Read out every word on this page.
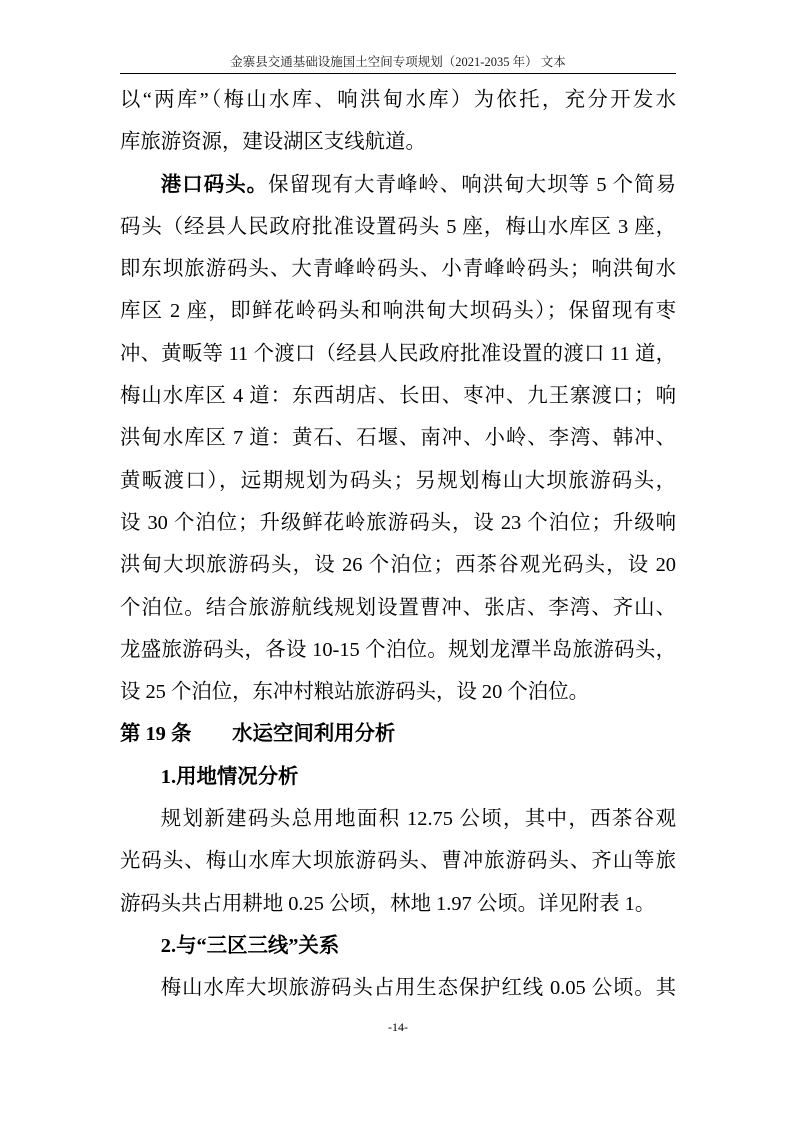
金寨县交通基础设施国土空间专项规划（2021-2035 年） 文本
以“两库”（梅山水库、响洪甸水库）为依托，充分开发水
库旅游资源，建设湖区支线航道。
港口码头。保留现有大青峰岭、响洪甸大坝等 5 个简易
码头（经县人民政府批准设置码头 5 座，梅山水库区 3 座，
即东坝旅游码头、大青峰岭码头、小青峰岭码头；响洪甸水
库区 2 座，即鲜花岭码头和响洪甸大坝码头）；保留现有枣
冲、黄畈等 11 个渡口（经县人民政府批准设置的渡口 11 道，
梅山水库区 4 道：东西胡店、长田、枣冲、九王寨渡口；响
洪甸水库区 7 道：黄石、石堰、南冲、小岭、李湾、韩冲、
黄畈渡口），远期规划为码头；另规划梅山大坝旅游码头，
设 30 个泊位；升级鲜花岭旅游码头，设 23 个泊位；升级响
洪甸大坝旅游码头，设 26 个泊位；西茶谷观光码头，设 20
个泊位。结合旅游航线规划设置曹冲、张店、李湾、齐山、
龙盛旅游码头，各设 10-15 个泊位。规划龙潭半岛旅游码头，
设 25 个泊位，东冲村粮站旅游码头，设 20 个泊位。
第 19 条 水运空间利用分析
1.用地情况分析
规划新建码头总用地面积 12.75 公顷，其中，西茶谷观
光码头、梅山水库大坝旅游码头、曹冲旅游码头、齐山等旅
游码头共占用耕地 0.25 公顷，林地 1.97 公顷。详见附表 1。
2.与“三区三线”关系
梅山水库大坝旅游码头占用生态保护红线 0.05 公顷。其
-14-
